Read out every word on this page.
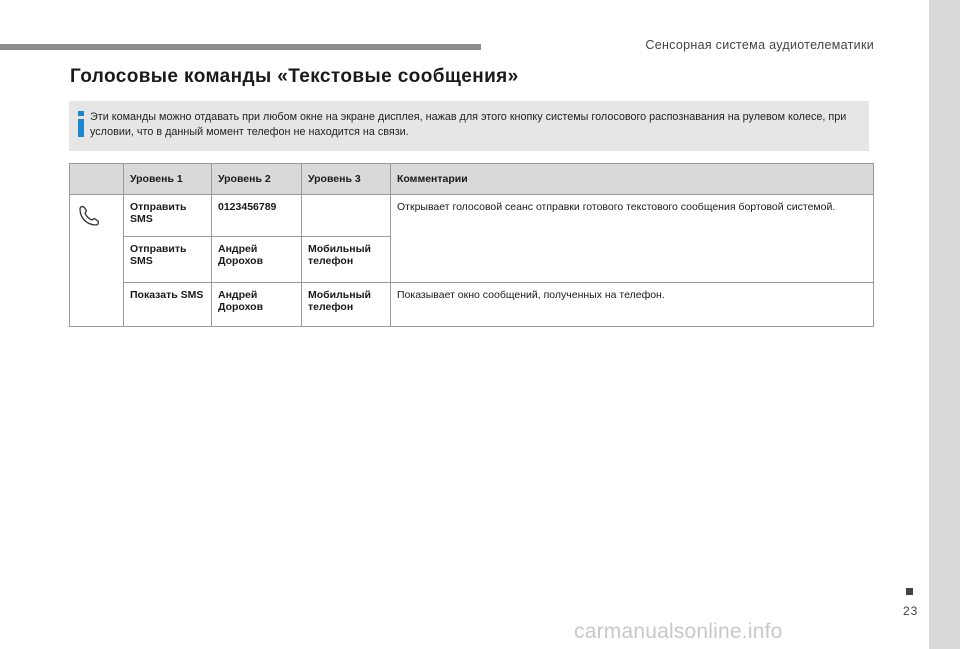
Сенсорная система аудиотелематики
Голосовые команды «Текстовые сообщения»
Эти команды можно отдавать при любом окне на экране дисплея, нажав для этого кнопку системы голосового распознавания на рулевом колесе, при условии, что в данный момент телефон не находится на связи.
	Уровень 1	Уровень 2	Уровень 3	Комментарии
	Отправить SMS	0123456789		Открывает голосовой сеанс отправки готового текстового сообщения бортовой системой.
	Отправить SMS	Андрей Дорохов	Мобильный телефон	
	Показать SMS	Андрей Дорохов	Мобильный телефон	Показывает окно сообщений, полученных на телефон.
23
carmanualsonline.info
